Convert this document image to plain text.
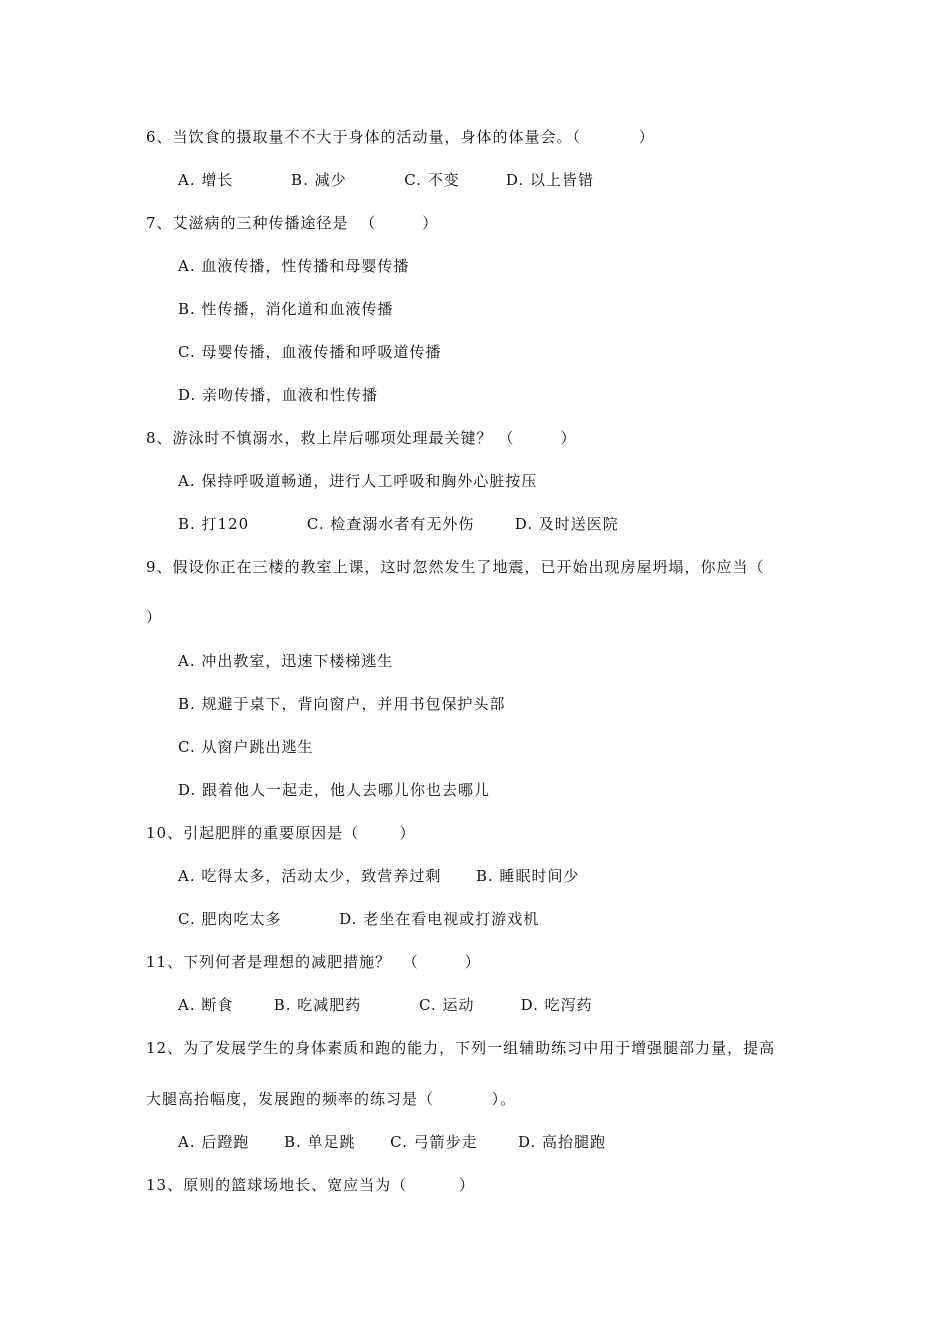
6、当饮食的摄取量不不大于身体的活动量，身体的体量会。（          ）
A. 增长          B. 减少          C. 不变        D. 以上皆错
7、艾滋病的三种传播途径是  （        ）
A. 血液传播，性传播和母婴传播
B. 性传播，消化道和血液传播
C. 母婴传播，血液传播和呼吸道传播
D. 亲吻传播，血液和性传播
8、游泳时不慎溺水，救上岸后哪项处理最关键？ （        ）
A. 保持呼吸道畅通，进行人工呼吸和胸外心脏按压
B. 打120          C. 检查溺水者有无外伤       D. 及时送医院
9、假设你正在三楼的教室上课，这时忽然发生了地震，已开始出现房屋坍塌，你应当（
）
A. 冲出教室，迅速下楼梯逃生
B. 规避于桌下，背向窗户，并用书包保护头部
C. 从窗户跳出逃生
D. 跟着他人一起走，他人去哪儿你也去哪儿
10、引起肥胖的重要原因是（       ）
A. 吃得太多，活动太少，致营养过剩      B. 睡眠时间少
C. 肥肉吃太多          D. 老坐在看电视或打游戏机
11、下列何者是理想的减肥措施？  （        ）
A. 断食       B. 吃减肥药          C. 运动        D. 吃泻药
12、为了发展学生的身体素质和跑的能力，下列一组辅助练习中用于增强腿部力量，提高
大腿高抬幅度，发展跑的频率的练习是（          ）。
A. 后蹬跑      B. 单足跳      C. 弓箭步走       D. 高抬腿跑
13、原则的篮球场地长、宽应当为（         ）
